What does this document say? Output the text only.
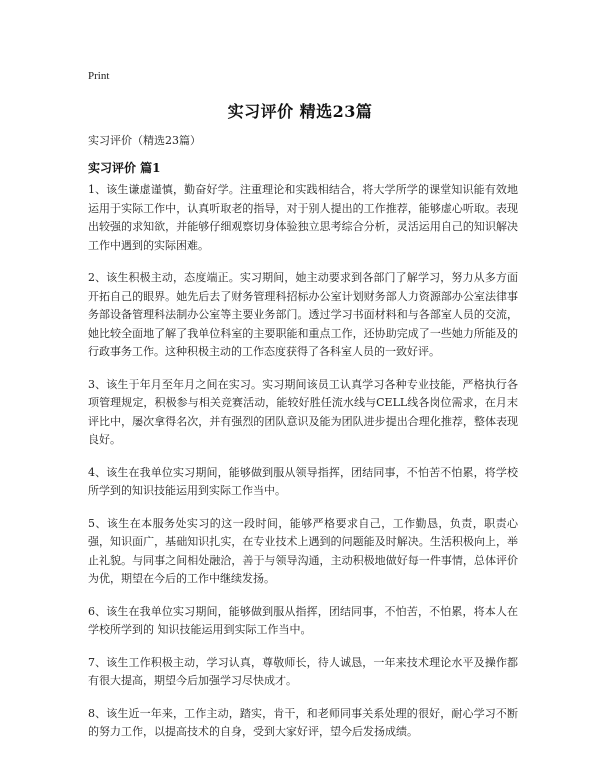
Print
实习评价 精选23篇
实习评价（精选23篇）
实习评价 篇1

1、该生谦虚谨慎，勤奋好学。注重理论和实践相结合，将大学所学的课堂知识能有效地运用于实际工作中，认真听取老的指导，对于别人提出的工作推荐，能够虚心听取。表现出较强的求知欲，并能够仔细观察切身体验独立思考综合分析，灵活运用自己的知识解决工作中遇到的实际困难。

2、该生积极主动，态度端正。实习期间，她主动要求到各部门了解学习，努力从多方面开拓自己的眼界。她先后去了财务管理科招标办公室计划财务部人力资源部办公室法律事务部设备管理科法制办公室等主要业务部门。透过学习书面材料和与各部室人员的交流，她比较全面地了解了我单位科室的主要职能和重点工作，还协助完成了一些她力所能及的行政事务工作。这种积极主动的工作态度获得了各科室人员的一致好评。

3、该生于年月至年月之间在实习。实习期间该员工认真学习各种专业技能，严格执行各项管理规定，积极参与相关竞赛活动，能较好胜任流水线与CELL线各岗位需求，在月末评比中，屡次拿得名次，并有强烈的团队意识及能为团队进步提出合理化推荐，整体表现良好。

4、该生在我单位实习期间，能够做到服从领导指挥，团结同事，不怕苦不怕累，将学校所学到的知识技能运用到实际工作当中。

5、该生在本服务处实习的这一段时间，能够严格要求自己，工作勤恳，负责，职责心强，知识面广，基础知识扎实，在专业技术上遇到的问题能及时解决。生活积极向上，举止礼貌。与同事之间相处融洽，善于与领导沟通，主动积极地做好每一件事情，总体评价为优，期望在今后的工作中继续发扬。

6、该生在我单位实习期间，能够做到服从指挥，团结同事，不怕苦，不怕累，将本人在学校所学到的 知识技能运用到实际工作当中。

7、该生工作积极主动，学习认真，尊敬师长，待人诚恳，一年来技术理论水平及操作都有很大提高，期望今后加强学习尽快成才。

8、该生近一年来，工作主动，踏实，肯干，和老师同事关系处理的很好，耐心学习不断的努力工作，以提高技术的自身，受到大家好评，望今后发扬成绩。
